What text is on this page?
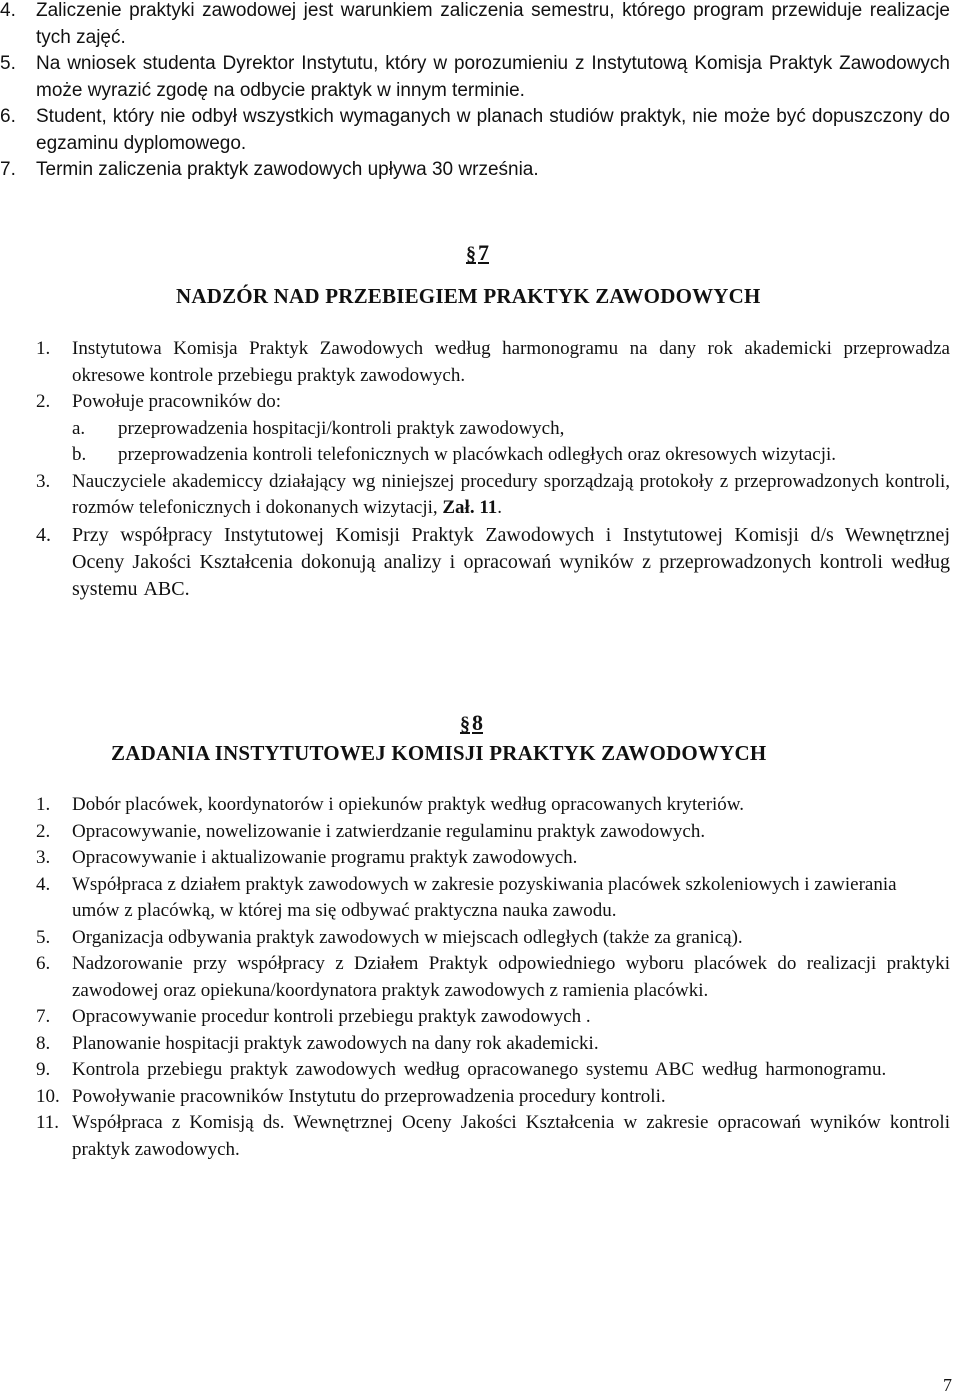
4.	Zaliczenie praktyki zawodowej jest warunkiem zaliczenia semestru, którego program przewiduje realizacje tych zajęć.
5.	Na wniosek studenta Dyrektor Instytutu, który w porozumieniu z Instytutową Komisja Praktyk Zawodowych może wyrazić zgodę na odbycie praktyk w innym terminie.
6.	Student, który nie odbył wszystkich wymaganych w planach studiów praktyk, nie może być dopuszczony do egzaminu dyplomowego.
7.	Termin zaliczenia praktyk zawodowych upływa 30 września.
§7
NADZÓR NAD PRZEBIEGIEM PRAKTYK ZAWODOWYCH
1. Instytutowa Komisja Praktyk Zawodowych według harmonogramu na dany rok akademicki przeprowadza okresowe kontrole przebiegu praktyk zawodowych.
2. Powołuje pracowników do:
a. przeprowadzenia hospitacji/kontroli praktyk zawodowych,
b. przeprowadzenia kontroli telefonicznych w placówkach odległych oraz okresowych wizytacji.
3. Nauczyciele akademiccy działający wg niniejszej procedury sporządzają protokoły z przeprowadzonych kontroli, rozmów telefonicznych i dokonanych wizytacji, Zał. 11.
4. Przy współpracy Instytutowej Komisji Praktyk Zawodowych i Instytutowej Komisji d/s Wewnętrznej Oceny Jakości Kształcenia dokonują analizy i opracowań wyników z przeprowadzonych kontroli według systemu ABC.
§8
ZADANIA INSTYTUTOWEJ KOMISJI PRAKTYK ZAWODOWYCH
1. Dobór placówek, koordynatorów i opiekunów praktyk według opracowanych kryteriów.
2. Opracowywanie, nowelizowanie i zatwierdzanie regulaminu praktyk zawodowych.
3. Opracowywanie i aktualizowanie programu praktyk zawodowych.
4. Współpraca z działem praktyk zawodowych w zakresie pozyskiwania placówek szkoleniowych i zawierania umów z placówką, w której ma się odbywać praktyczna nauka zawodu.
5. Organizacja odbywania praktyk zawodowych w miejscach odległych (także za granicą).
6. Nadzorowanie przy współpracy z Działem Praktyk odpowiedniego wyboru placówek do realizacji praktyki zawodowej oraz opiekuna/koordynatora praktyk zawodowych z ramienia placówki.
7. Opracowywanie procedur kontroli przebiegu praktyk zawodowych .
8. Planowanie hospitacji praktyk zawodowych na dany rok akademicki.
9. Kontrola przebiegu praktyk zawodowych według opracowanego systemu ABC według harmonogramu.
10. Powoływanie pracowników Instytutu do przeprowadzenia procedury kontroli.
11. Współpraca z Komisją ds. Wewnętrznej Oceny Jakości Kształcenia w zakresie opracowań wyników kontroli praktyk zawodowych.
7
